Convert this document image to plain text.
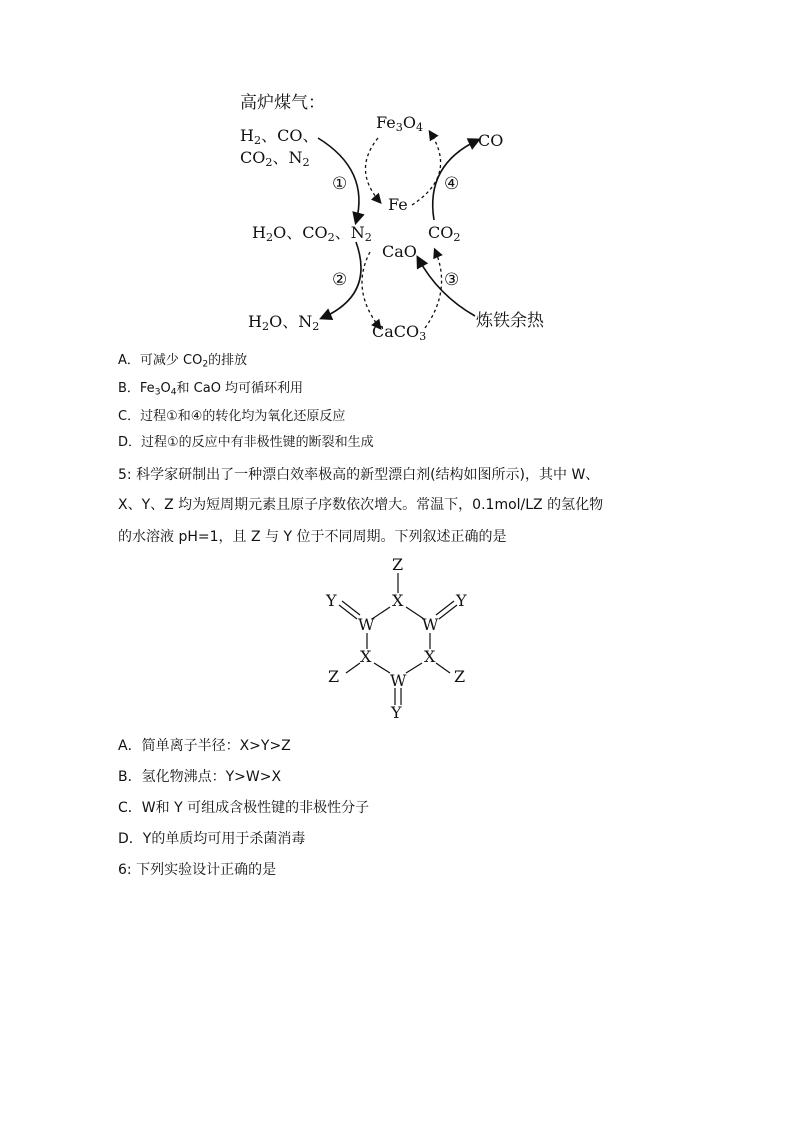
高炉煤气：
$H_2$、CO、
$CO_2$、$N_2$
$Fe_3O_4$
CO
①
Fe
④
$H_2O$、$CO_2$、$N_2$	$CO_2$
CaO
②	③
$H_2O$、$N_2$	CaCO$_3$
炼铁余热
A．可减少 $CO_2$的排放
B．$Fe_3O_4$和 CaO 均可循环利用
C．过程①和④的转化均为氧化还原反应
D．过程①的反应中有非极性键的断裂和生成
5: 科学家研制出了一种漂白效率极高的新型漂白剂(结构如图所示)，其中 W、
X、Y、Z 均为短周期元素且原子序数依次增大。常温下，0.1mol/LZ 的氢化物
的水溶液 pH=1，且 Z 与 Y 位于不同周期。下列叙述正确的是
Z
X
Y
W	W
Y
X	X
Z	Z
W
Y
A．简单离子半径：X>Y>Z
B．氢化物沸点：Y>W>X
C．W和 Y 可组成含极性键的非极性分子
D．Y的单质均可用于杀菌消毒
6: 下列实验设计正确的是
